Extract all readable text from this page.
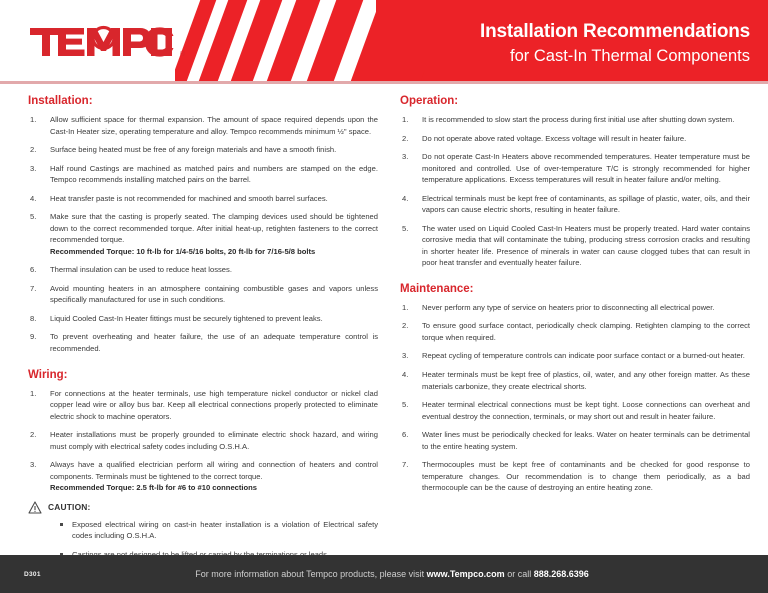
®
Installation Recommendations
for Cast-In Thermal Components
Installation:
1.	Allow sufficient space for thermal expansion. The amount of space required depends upon the Cast-In Heater size, operating temperature and alloy. Tempco recommends minimum ½" space.
2.	Surface being heated must be free of any foreign materials and have a smooth finish.
3.	Half round Castings are machined as matched pairs and numbers are stamped on the edge. Tempco recommends installing matched pairs on the barrel.
4.	Heat transfer paste is not recommended for machined and smooth barrel surfaces.
5.	Make sure that the casting is properly seated. The clamping devices used should be tightened down to the correct recommended torque. After initial heat-up, retighten fasteners to the correct recommended torque.
Recommended Torque: 10 ft-lb for 1/4-5/16 bolts, 20 ft-lb for 7/16-5/8 bolts
6.	Thermal insulation can be used to reduce heat losses.
7.	Avoid mounting heaters in an atmosphere containing combustible gases and vapors unless specifically manufactured for use in such conditions.
8.	Liquid Cooled Cast-In Heater fittings must be securely tightened to prevent leaks.
9.	To prevent overheating and heater failure, the use of an adequate temperature control is recommended.
Wiring:
1.	For connections at the heater terminals, use high temperature nickel conductor or nickel clad copper lead wire or alloy bus bar. Keep all electrical connections properly protected to eliminate electric shock to machine operators.
2.	Heater installations must be properly grounded to eliminate electric shock hazard, and wiring must comply with electrical safety codes including O.S.H.A.
3.	Always have a qualified electrician perform all wiring and connection of heaters and control components. Terminals must be tightened to the correct torque.
Recommended Torque: 2.5 ft-lb for #6 to #10 connections
CAUTION:
Exposed electrical wiring on cast-in heater installation is a violation of Electrical safety codes including O.S.H.A.
Operation:
1.	It is recommended to slow start the process during first initial use after shutting down system.
2.	Do not operate above rated voltage. Excess voltage will result in heater failure.
3.	Do not operate Cast-In Heaters above recommended temperatures. Heater temperature must be monitored and controlled. Use of over-temperature T/C is strongly recommended for higher temperature applications. Excess temperatures will result in heater failure and/or melting.
4.	Electrical terminals must be kept free of contaminants, as spillage of plastic, water, oils, and their vapors can cause electric shorts, resulting in heater failure.
5.	The water used on Liquid Cooled Cast-In Heaters must be properly treated. Hard water contains corrosive media that will contaminate the tubing, producing stress corrosion cracks and resulting in shorter heater life. Presence of minerals in water can cause clogged tubes that can result in poor heat transfer and eventually heater failure.
Maintenance:
1.	Never perform any type of service on heaters prior to disconnecting all electrical power.
2.	To ensure good surface contact, periodically check clamping. Retighten clamping to the correct torque when required.
3.	Repeat cycling of temperature controls can indicate poor surface contact or a burned-out heater.
4.	Heater terminals must be kept free of plastics, oil, water, and any other foreign matter. As these materials carbonize, they create electrical shorts.
5.	Heater terminal electrical connections must be kept tight. Loose connections can overheat and eventual destroy the connection, terminals, or may short out and result in heater failure.
6.	Water lines must be periodically checked for leaks. Water on heater terminals can be detrimental to the entire heating system.
7.	Thermocouples must be kept free of contaminants and be checked for good response to temperature changes. Our recommendation is to change them periodically, as a bad thermocouple can be the cause of destroying an entire heating zone.
D301	For more information about Tempco products, please visit www.Tempco.com or call 888.268.6396
